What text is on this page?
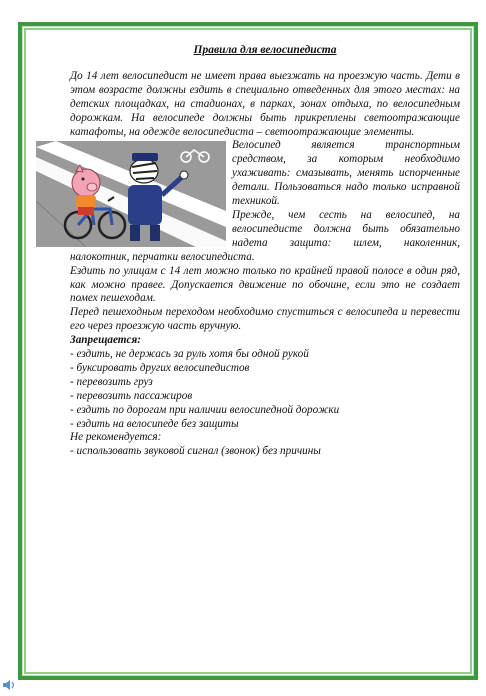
Правила для велосипедиста

До 14 лет велосипедист не имеет права выезжать на проезжую часть. Дети в этом возрасте должны ездить в специально отведенных для этого местах: на детских площадках, на стадионах, в парках, зонах отдыха, по велосипедным дорожкам. На велосипеде должны быть прикреплены светоотражающие катафоты, на одежде велосипедиста – светоотражающие элементы.

Велосипед является транспортным средством, за которым необходимо ухаживать: смазывать, менять испорченные детали. Пользоваться надо только исправной техникой.

Прежде, чем сесть на велосипед, на велосипедисте должна быть обязательно надета защита: шлем, наколенник, налокотник, перчатки велосипедиста.

Ездить по улицам с 14 лет можно только по крайней правой полосе в один ряд, как можно правее. Допускается движение по обочине, если это не создает помех пешеходам.

Перед пешеходным переходом необходимо спуститься с велосипеда и перевести его через проезжую часть вручную.

Запрещается:

- ездить, не держась за руль хотя бы одной рукой

- буксировать других велосипедистов

- перевозить груз

- перевозить пассажиров

- ездить по дорогам при наличии велосипедной дорожки

- ездить на велосипеде без защиты

Не рекомендуется:

- использовать звуковой сигнал (звонок) без причины
